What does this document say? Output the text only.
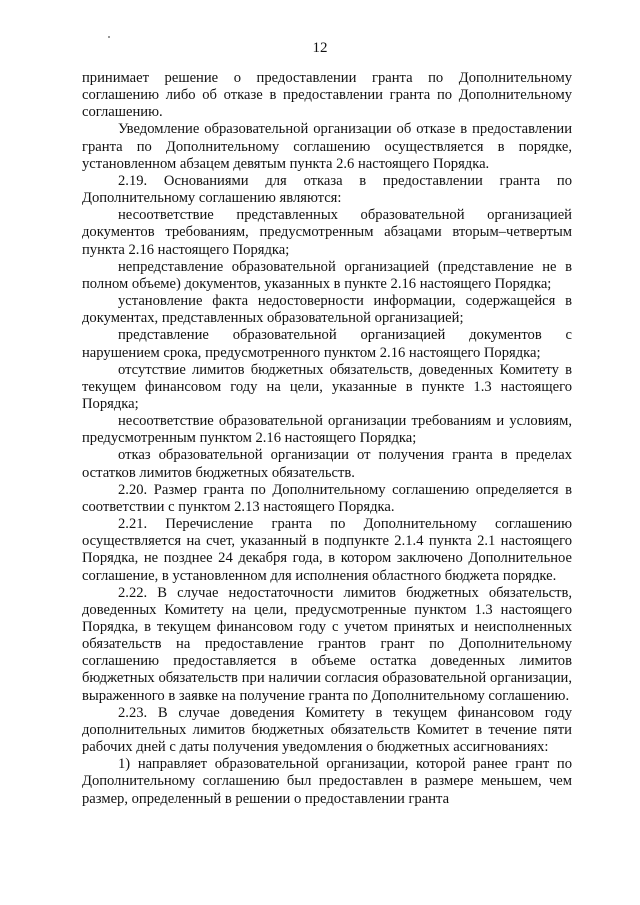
12

принимает решение о предоставлении гранта по Дополнительному соглашению либо об отказе в предоставлении гранта по Дополнительному соглашению.

Уведомление образовательной организации об отказе в предоставлении гранта по Дополнительному соглашению осуществляется в порядке, установленном абзацем девятым пункта 2.6 настоящего Порядка.

2.19. Основаниями для отказа в предоставлении гранта по Дополнительному соглашению являются:

несоответствие представленных образовательной организацией документов требованиям, предусмотренным абзацами вторым–четвертым пункта 2.16 настоящего Порядка;

непредставление образовательной организацией (представление не в полном объеме) документов, указанных в пункте 2.16 настоящего Порядка;

установление факта недостоверности информации, содержащейся в документах, представленных образовательной организацией;

представление образовательной организацией документов с нарушением срока, предусмотренного пунктом 2.16 настоящего Порядка;

отсутствие лимитов бюджетных обязательств, доведенных Комитету в текущем финансовом году на цели, указанные в пункте 1.3 настоящего Порядка;

несоответствие образовательной организации требованиям и условиям, предусмотренным пунктом 2.16 настоящего Порядка;

отказ образовательной организации от получения гранта в пределах остатков лимитов бюджетных обязательств.

2.20. Размер гранта по Дополнительному соглашению определяется в соответствии с пунктом 2.13 настоящего Порядка.

2.21. Перечисление гранта по Дополнительному соглашению осуществляется на счет, указанный в подпункте 2.1.4 пункта 2.1 настоящего Порядка, не позднее 24 декабря года, в котором заключено Дополнительное соглашение, в установленном для исполнения областного бюджета порядке.

2.22. В случае недостаточности лимитов бюджетных обязательств, доведенных Комитету на цели, предусмотренные пунктом 1.3 настоящего Порядка, в текущем финансовом году с учетом принятых и неисполненных обязательств на предоставление грантов грант по Дополнительному соглашению предоставляется в объеме остатка доведенных лимитов бюджетных обязательств при наличии согласия образовательной организации, выраженного в заявке на получение гранта по Дополнительному соглашению.

2.23. В случае доведения Комитету в текущем финансовом году дополнительных лимитов бюджетных обязательств Комитет в течение пяти рабочих дней с даты получения уведомления о бюджетных ассигнованиях:

1) направляет образовательной организации, которой ранее грант по Дополнительному соглашению был предоставлен в размере меньшем, чем размер, определенный в решении о предоставлении гранта
